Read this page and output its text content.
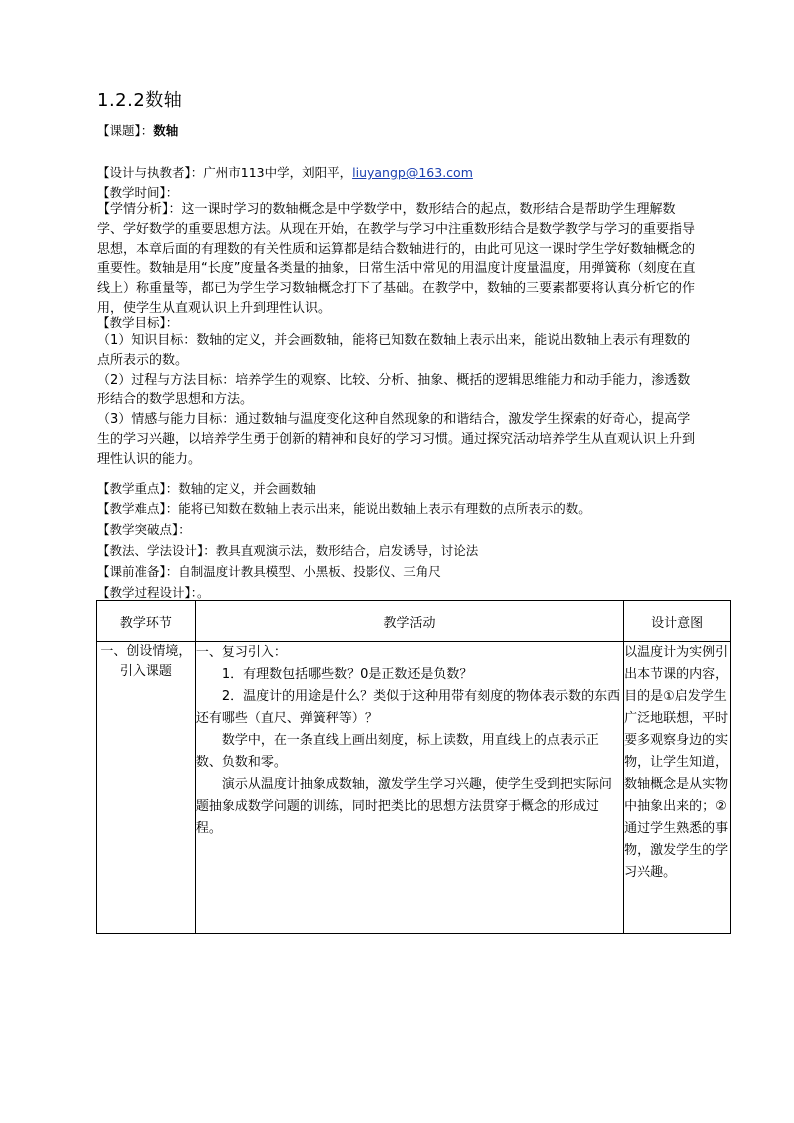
1.2.2数轴
【课题】：数轴
【设计与执教者】：广州市113中学，刘阳平，liuyangp@163.com
【教学时间】：
【学情分析】：这一课时学习的数轴概念是中学数学中，数形结合的起点，数形结合是帮助学生理解数学、学好数学的重要思想方法。从现在开始，在教学与学习中注重数形结合是数学教学与学习的重要指导思想，本章后面的有理数的有关性质和运算都是结合数轴进行的，由此可见这一课时学生学好数轴概念的重要性。数轴是用“长度”度量各类量的抽象，日常生活中常见的用温度计度量温度，用弹簧称（刻度在直线上）称重量等，都已为学生学习数轴概念打下了基础。在教学中，数轴的三要素都要将认真分析它的作用，使学生从直观认识上升到理性认识。
【教学目标】：
（1）知识目标：数轴的定义，并会画数轴，能将已知数在数轴上表示出来，能说出数轴上表示有理数的点所表示的数。
（2）过程与方法目标：培养学生的观察、比较、分析、抽象、概括的逻辑思维能力和动手能力，渗透数形结合的数学思想和方法。
（3）情感与能力目标：通过数轴与温度变化这种自然现象的和谐结合，激发学生探索的好奇心，提高学生的学习兴趣，以培养学生勇于创新的精神和良好的学习习惯。通过探究活动培养学生从直观认识上升到理性认识的能力。
【教学重点】：数轴的定义，并会画数轴
【教学难点】：能将已知数在数轴上表示出来，能说出数轴上表示有理数的点所表示的数。
【教学突破点】：
【教法、学法设计】：教具直观演示法，数形结合，启发诱导，讨论法
【课前准备】：自制温度计教具模型、小黑板、投影仪、三角尺
【教学过程设计】：。
教学环节	教学活动	设计意图
一、创设情境，引入课题	一、复习引入：

1．有理数包括哪些数？0是正数还是负数？

2．温度计的用途是什么？类似于这种用带有刻度的物体表示数的东西还有哪些（直尺、弹簧秤等）？

数学中，在一条直线上画出刻度，标上读数，用直线上的点表示正数、负数和零。

演示从温度计抽象成数轴，激发学生学习兴趣，使学生受到把实际问题抽象成数学问题的训练，同时把类比的思想方法贯穿于概念的形成过程。	以温度计为实例引出本节课的内容，目的是①启发学生广泛地联想，平时要多观察身边的实物，让学生知道，数轴概念是从实物中抽象出来的；②通过学生熟悉的事物，激发学生的学习兴趣。
